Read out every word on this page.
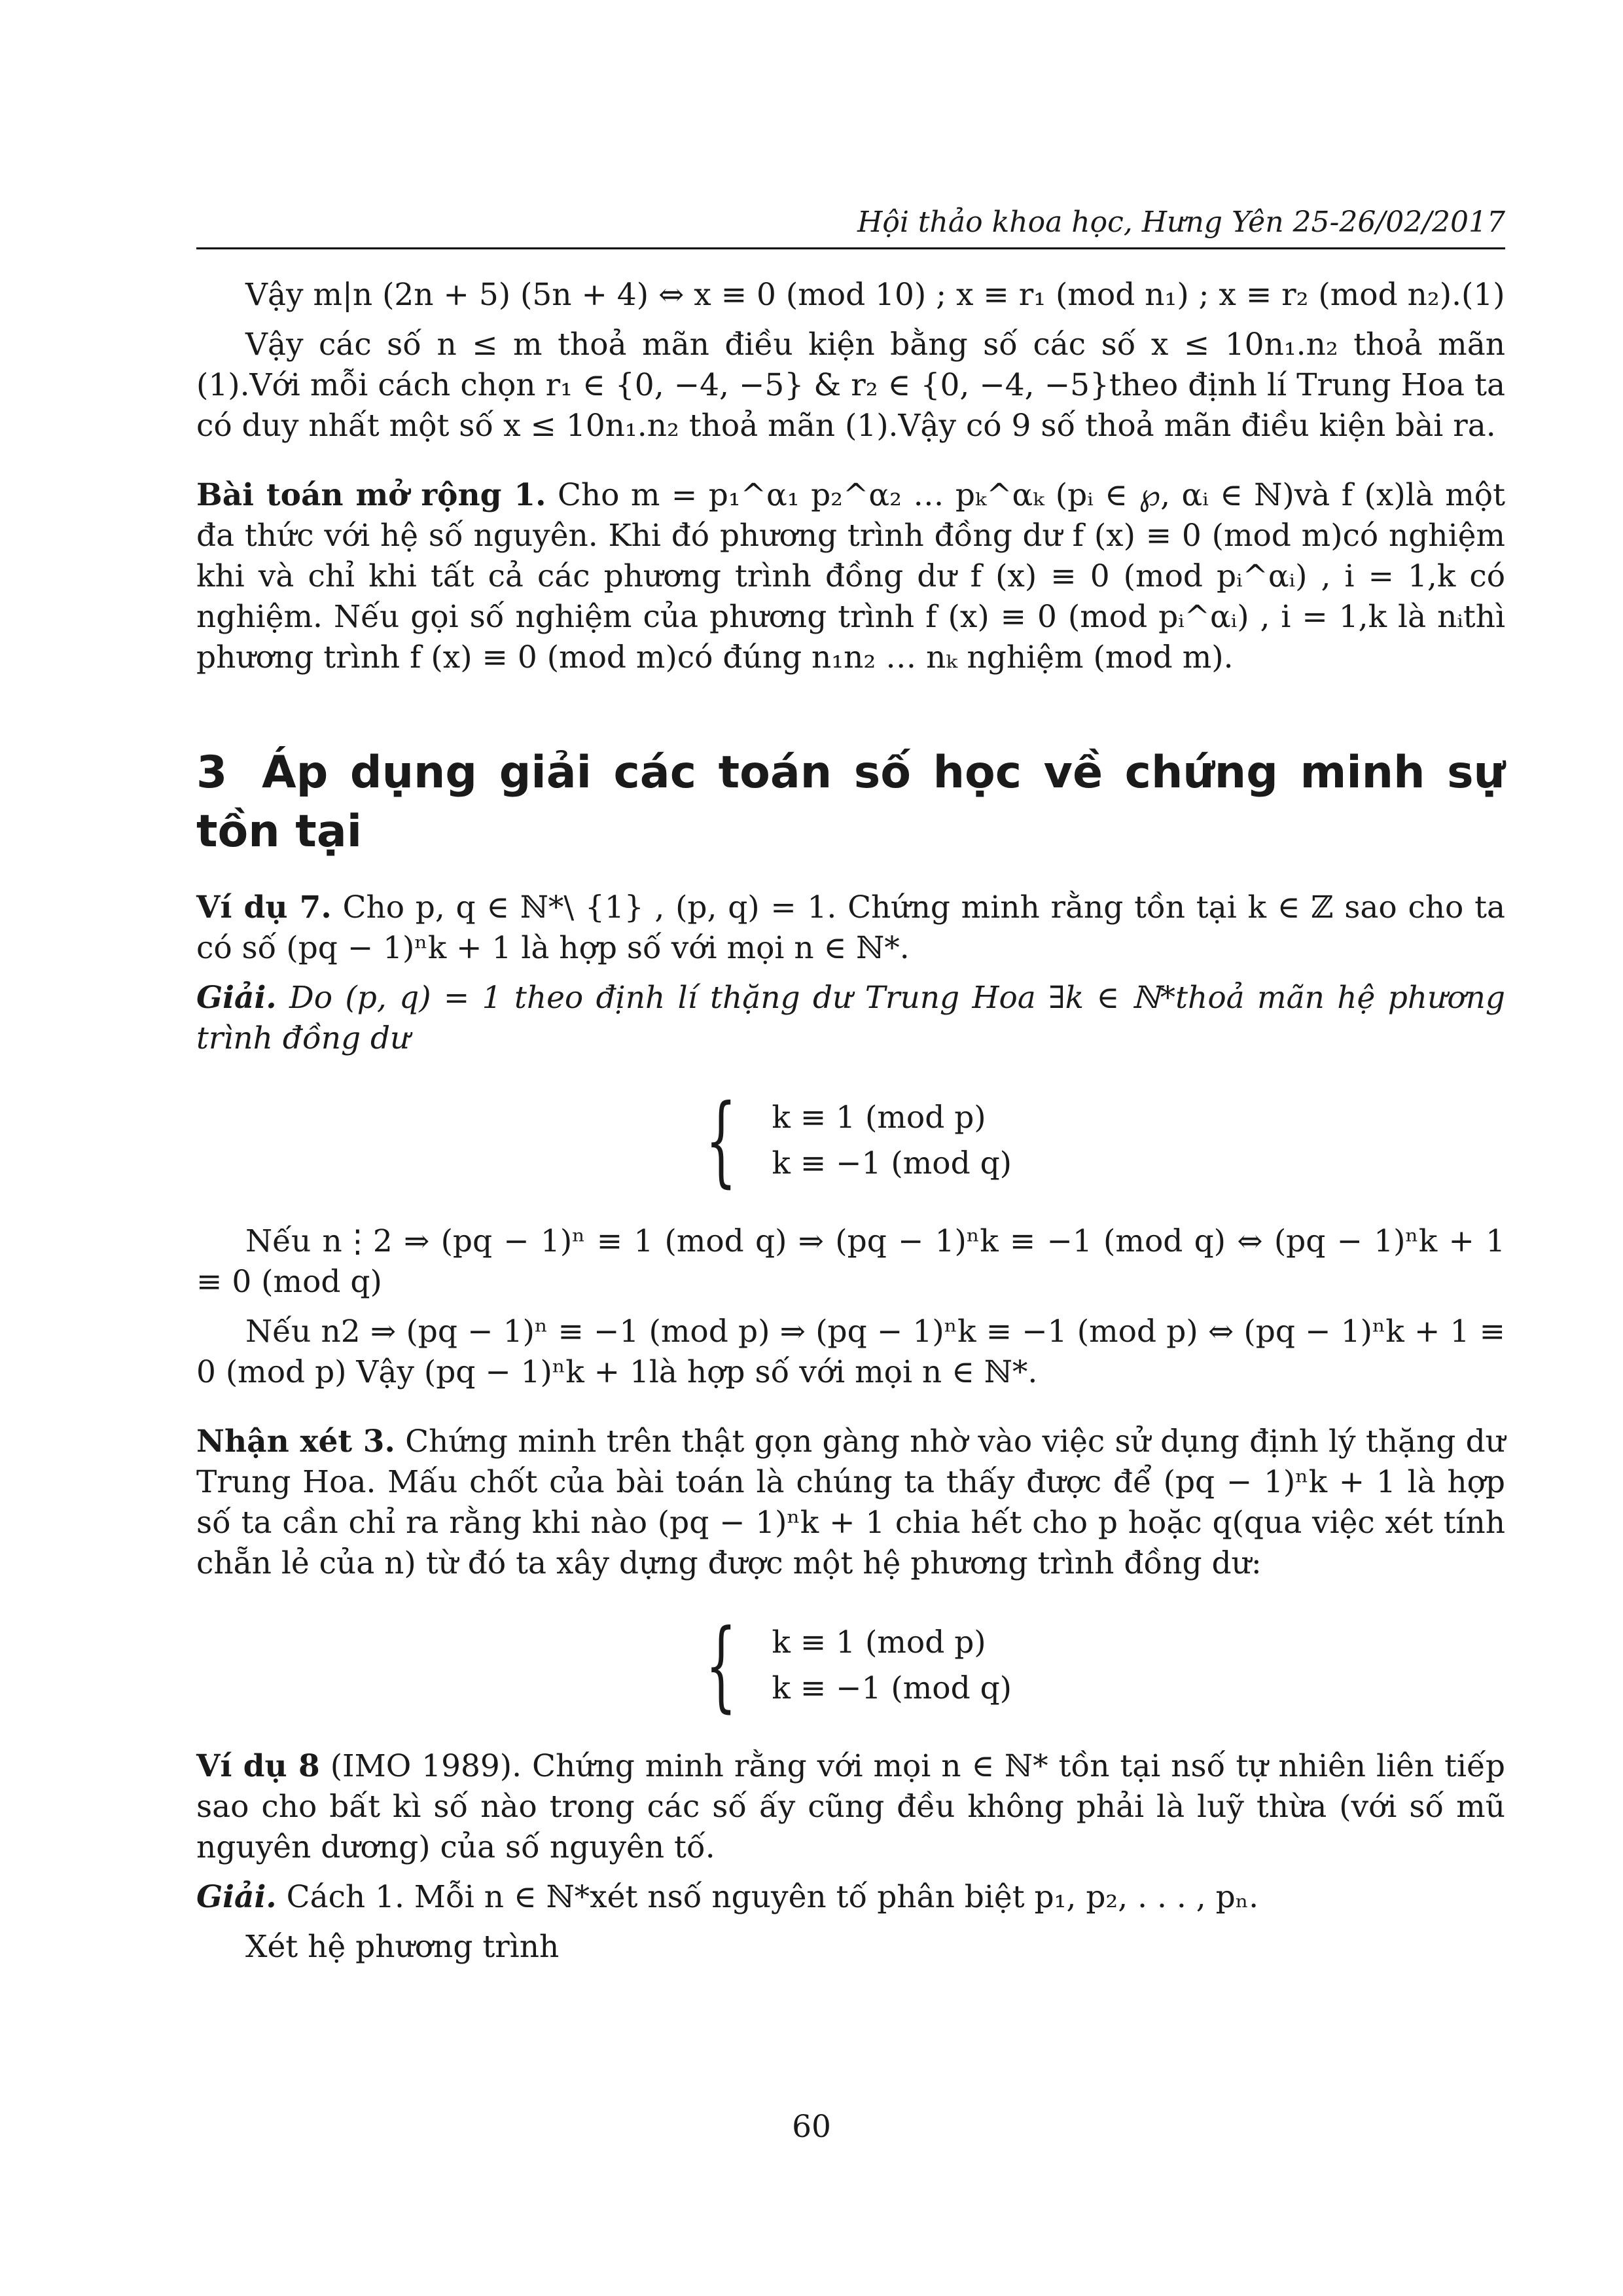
Hội thảo khoa học, Hưng Yên 25-26/02/2017

Vậy m|n (2n + 5) (5n + 4) ⇔ x ≡ 0 (mod 10) ; x ≡ r₁ (mod n₁) ; x ≡ r₂ (mod n₂).(1)

Vậy các số n ≤ m thoả mãn điều kiện bằng số các số x ≤ 10n₁.n₂ thoả mãn (1).Với mỗi cách chọn r₁ ∈ {0, −4, −5} & r₂ ∈ {0, −4, −5}theo định lí Trung Hoa ta có duy nhất một số x ≤ 10n₁.n₂ thoả mãn (1).Vậy có 9 số thoả mãn điều kiện bài ra.

Bài toán mở rộng 1. Cho m = p₁^α₁ p₂^α₂ … pₖ^αₖ (pᵢ ∈ ℘, αᵢ ∈ ℕ)và f (x)là một đa thức với hệ số nguyên. Khi đó phương trình đồng dư f (x) ≡ 0 (mod m)có nghiệm khi và chỉ khi tất cả các phương trình đồng dư f (x) ≡ 0 (mod pᵢ^αᵢ) , i = 1,k có nghiệm. Nếu gọi số nghiệm của phương trình f (x) ≡ 0 (mod pᵢ^αᵢ) , i = 1,k là nᵢthì phương trình f (x) ≡ 0 (mod m)có đúng n₁n₂ … nₖ nghiệm (mod m).

3 Áp dụng giải các toán số học về chứng minh sự tồn tại

Ví dụ 7. Cho p, q ∈ ℕ*\ {1} , (p, q) = 1. Chứng minh rằng tồn tại k ∈ ℤ sao cho ta có số (pq − 1)ⁿk + 1 là hợp số với mọi n ∈ ℕ*.

Giải. Do (p, q) = 1 theo định lí thặng dư Trung Hoa ∃k ∈ ℕ*thoả mãn hệ phương trình đồng dư

{ k ≡ 1 (mod p)
k ≡ −1 (mod q)

Nếu n⋮2 ⇒ (pq − 1)ⁿ ≡ 1 (mod q) ⇒ (pq − 1)ⁿk ≡ −1 (mod q) ⇔ (pq − 1)ⁿk + 1 ≡ 0 (mod q)

Nếu n2 ⇒ (pq − 1)ⁿ ≡ −1 (mod p) ⇒ (pq − 1)ⁿk ≡ −1 (mod p) ⇔ (pq − 1)ⁿk + 1 ≡ 0 (mod p) Vậy (pq − 1)ⁿk + 1là hợp số với mọi n ∈ ℕ*.

Nhận xét 3. Chứng minh trên thật gọn gàng nhờ vào việc sử dụng định lý thặng dư Trung Hoa. Mấu chốt của bài toán là chúng ta thấy được để (pq − 1)ⁿk + 1 là hợp số ta cần chỉ ra rằng khi nào (pq − 1)ⁿk + 1 chia hết cho p hoặc q(qua việc xét tính chẵn lẻ của n) từ đó ta xây dựng được một hệ phương trình đồng dư:

{ k ≡ 1 (mod p)
k ≡ −1 (mod q)

Ví dụ 8 (IMO 1989). Chứng minh rằng với mọi n ∈ ℕ* tồn tại nsố tự nhiên liên tiếp sao cho bất kì số nào trong các số ấy cũng đều không phải là luỹ thừa (với số mũ nguyên dương) của số nguyên tố.

Giải. Cách 1. Mỗi n ∈ ℕ*xét nsố nguyên tố phân biệt p₁, p₂, . . . , pₙ.

Xét hệ phương trình

60
